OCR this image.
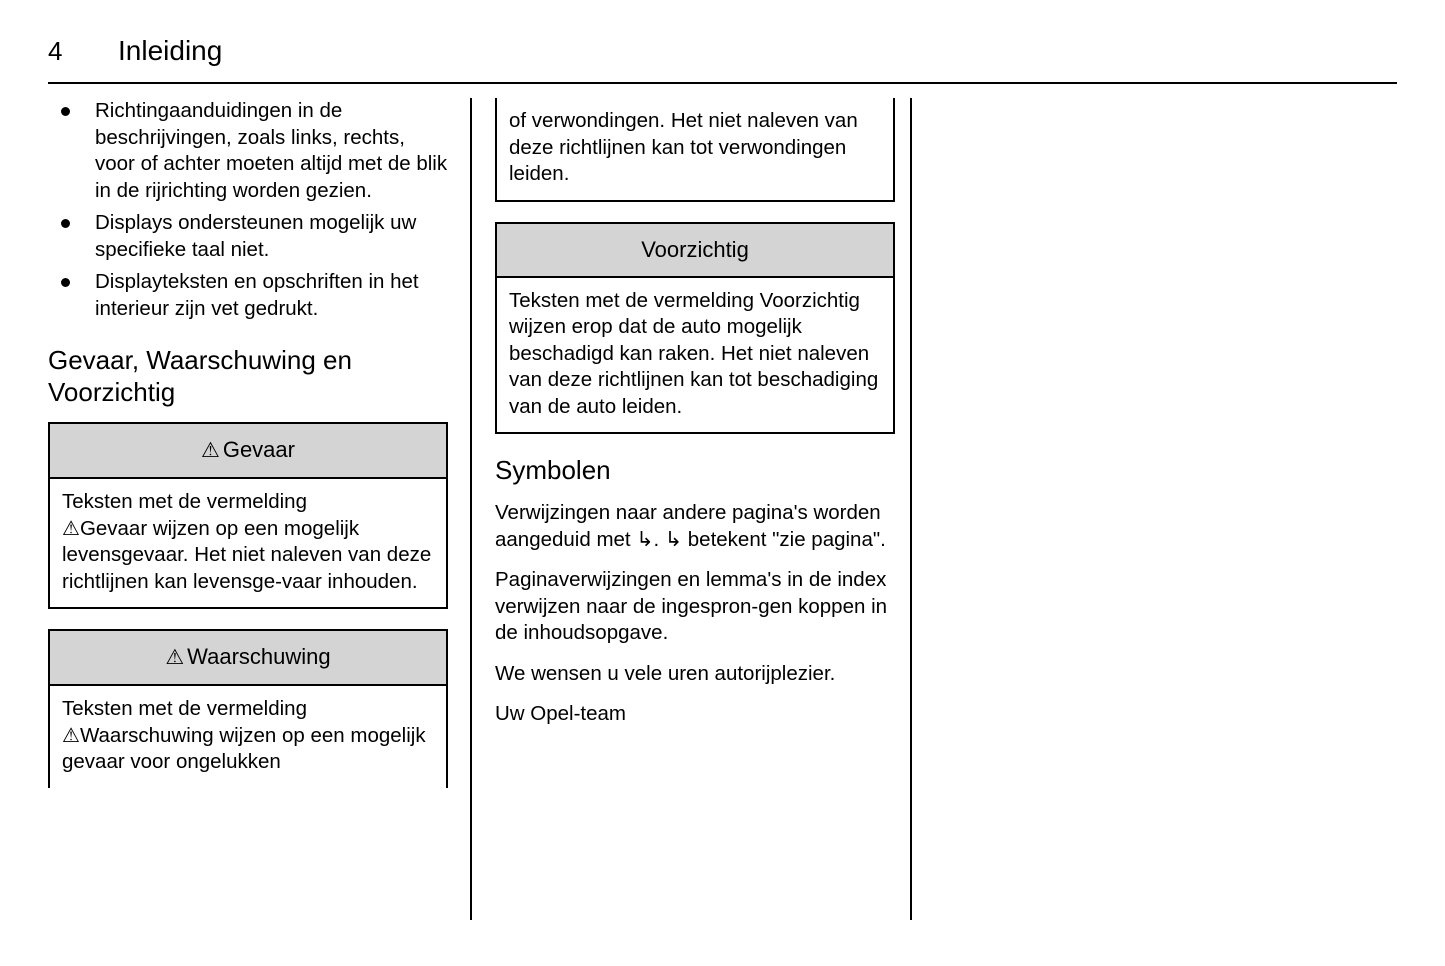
4	Inleiding
Richtingaanduidingen in de beschrijvingen, zoals links, rechts, voor of achter moeten altijd met de blik in de rijrichting worden gezien.
Displays ondersteunen mogelijk uw specifieke taal niet.
Displayteksten en opschriften in het interieur zijn vet gedrukt.
Gevaar, Waarschuwing en Voorzichtig
⚠ Gevaar
Teksten met de vermelding
⚠Gevaar wijzen op een mogelijk levensgevaar. Het niet naleven van deze richtlijnen kan levensge-vaar inhouden.
⚠ Waarschuwing
Teksten met de vermelding
⚠Waarschuwing wijzen op een mogelijk gevaar voor ongelukken
of verwondingen. Het niet naleven van deze richtlijnen kan tot verwondingen leiden.
Voorzichtig
Teksten met de vermelding Voorzichtig wijzen erop dat de auto mogelijk beschadigd kan raken. Het niet naleven van deze richtlijnen kan tot beschadiging van de auto leiden.
Symbolen

Verwijzingen naar andere pagina's worden aangeduid met ↳. ↳ betekent "zie pagina".

Paginaverwijzingen en lemma's in de index verwijzen naar de ingespron-gen koppen in de inhoudsopgave.

We wensen u vele uren autorijplezier.

Uw Opel-team
